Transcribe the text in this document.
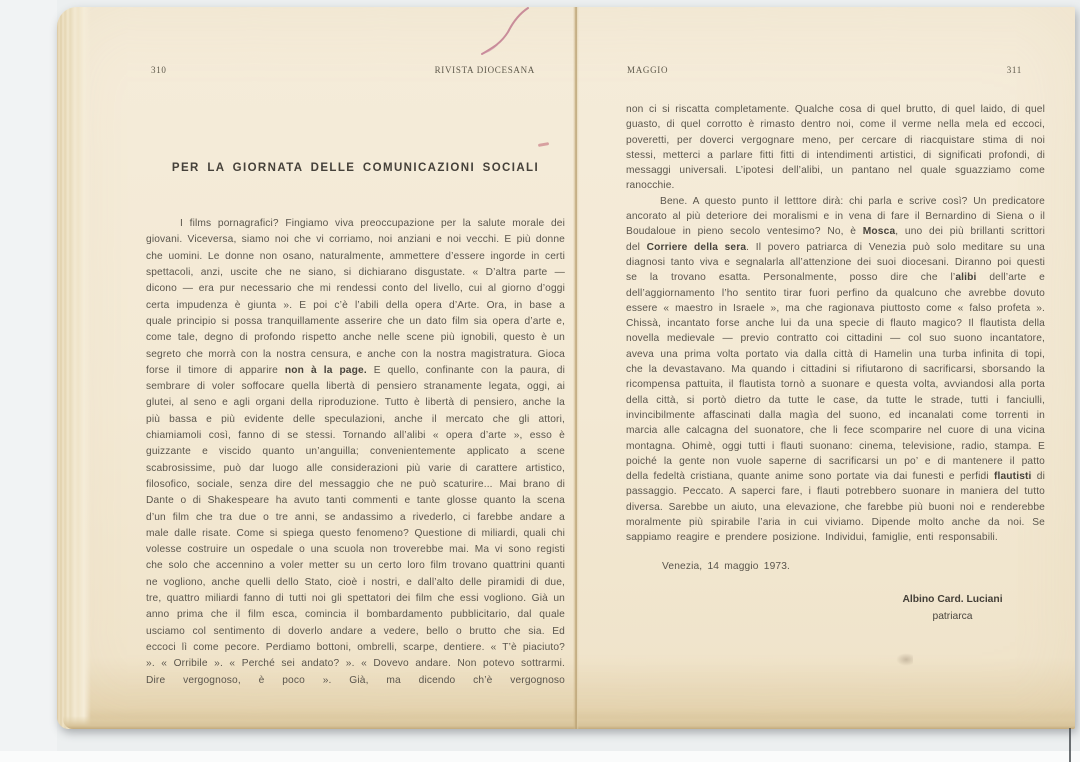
310	RIVISTA DIOCESANA
PER LA GIORNATA DELLE COMUNICAZIONI SOCIALI

I films pornagrafici? Fingiamo viva preoccupazione per la salute morale dei giovani. Viceversa, siamo noi che vi corriamo, noi anziani e noi vecchi. E più donne che uomini. Le donne non osano, naturalmente, ammettere d’essere ingorde in certi spettacoli, anzi, uscite che ne siano, si dichiarano disgustate. « D’altra parte — dicono — era pur necessario che mi rendessi conto del livello, cui al giorno d’oggi certa impudenza è giunta ». E poi c’è l’abili della opera d’Arte. Ora, in base a quale principio si possa tranquillamente asserire che un dato film sia opera d’arte e, come tale, degno di profondo rispetto anche nelle scene più ignobili, questo è un segreto che morrà con la nostra censura, e anche con la nostra magistratura. Gioca forse il timore di apparire non à la page. E quello, confinante con la paura, di sembrare di voler soffocare quella libertà di pensiero stranamente legata, oggi, ai glutei, al seno e agli organi della riproduzione. Tutto è libertà di pensiero, anche la più bassa e più evidente delle speculazioni, anche il mercato che gli attori, chiamiamoli così, fanno di se stessi. Tornando all’alibi « opera d’arte », esso è guizzante e viscido quanto un’anguilla; convenientemente applicato a scene scabrosissime, può dar luogo alle considerazioni più varie di carattere artistico, filosofico, sociale, senza dire del messaggio che ne può scaturire... Mai brano di Dante o di Shakespeare ha avuto tanti commenti e tante glosse quanto la scena d’un film che tra due o tre anni, se andassimo a rivederlo, ci farebbe andare a male dalle risate. Come si spiega questo fenomeno? Questione di miliardi, quali chi volesse costruire un ospedale o una scuola non troverebbe mai. Ma vi sono registi che solo che accennino a voler metter su un certo loro film trovano quattrini quanti ne vogliono, anche quelli dello Stato, cioè i nostri, e dall’alto delle piramidi di due, tre, quattro miliardi fanno di tutti noi gli spettatori dei film che essi vogliono. Già un anno prima che il film esca, comincia il bombardamento pubblicitario, dal quale usciamo col sentimento di doverlo andare a vedere, bello o brutto che sia. Ed eccoci lì come pecore. Perdiamo bottoni, ombrelli, scarpe, dentiere. « T’è piaciuto? ». « Orribile ». « Perché sei andato? ». « Dovevo andare. Non potevo sottrarmi. Dire vergognoso, è poco ». Già, ma dicendo ch’è vergognoso

MAGGIO	311

non ci si riscatta completamente. Qualche cosa di quel brutto, di quel laido, di quel guasto, di quel corrotto è rimasto dentro noi, come il verme nella mela ed eccoci, poveretti, per doverci vergognare meno, per cercare di riacquistare stima di noi stessi, metterci a parlare fitti fitti di intendimenti artistici, di significati profondi, di messaggi universali. L’ipotesi dell’alibi, un pantano nel quale sguazziamo come ranocchie.

Bene. A questo punto il letttore dirà: chi parla e scrive così? Un predicatore ancorato al più deteriore dei moralismi e in vena di fare il Bernardino di Siena o il Boudaloue in pieno secolo ventesimo? No, è Mosca, uno dei più brillanti scrittori del Corriere della sera. Il povero patriarca di Venezia può solo meditare su una diagnosi tanto viva e segnalarla all’attenzione dei suoi diocesani. Diranno poi questi se la trovano esatta. Personalmente, posso dire che l’alibi dell’arte e dell’aggiornamento l’ho sentito tirar fuori perfino da qualcuno che avrebbe dovuto essere « maestro in Israele », ma che ragionava piuttosto come « falso profeta ». Chissà, incantato forse anche lui da una specie di flauto magico? Il flautista della novella medievale — previo contratto coi cittadini — col suo suono incantatore, aveva una prima volta portato via dalla città di Hamelin una turba infinita di topi, che la devastavano. Ma quando i cittadini si rifiutarono di sacrificarsi, sborsando la ricompensa pattuita, il flautista tornò a suonare e questa volta, avviandosi alla porta della città, si portò dietro da tutte le case, da tutte le strade, tutti i fanciulli, invincibilmente affascinati dalla magìa del suono, ed incanalati come torrenti in marcia alle calcagna del suonatore, che li fece scomparire nel cuore di una vicina montagna. Ohimè, oggi tutti i flauti suonano: cinema, televisione, radio, stampa. E poiché la gente non vuole saperne di sacrificarsi un po’ e di mantenere il patto della fedeltà cristiana, quante anime sono portate via dai funesti e perfidi flautisti di passaggio. Peccato. A saperci fare, i flauti potrebbero suonare in maniera del tutto diversa. Sarebbe un aiuto, una elevazione, che farebbe più buoni noi e renderebbe moralmente più spirabile l’aria in cui viviamo. Dipende molto anche da noi. Se sappiamo reagire e prendere posizione. Individui, famiglie, enti responsabili.

Venezia, 14 maggio 1973.

Albino Card. Luciani
patriarca
